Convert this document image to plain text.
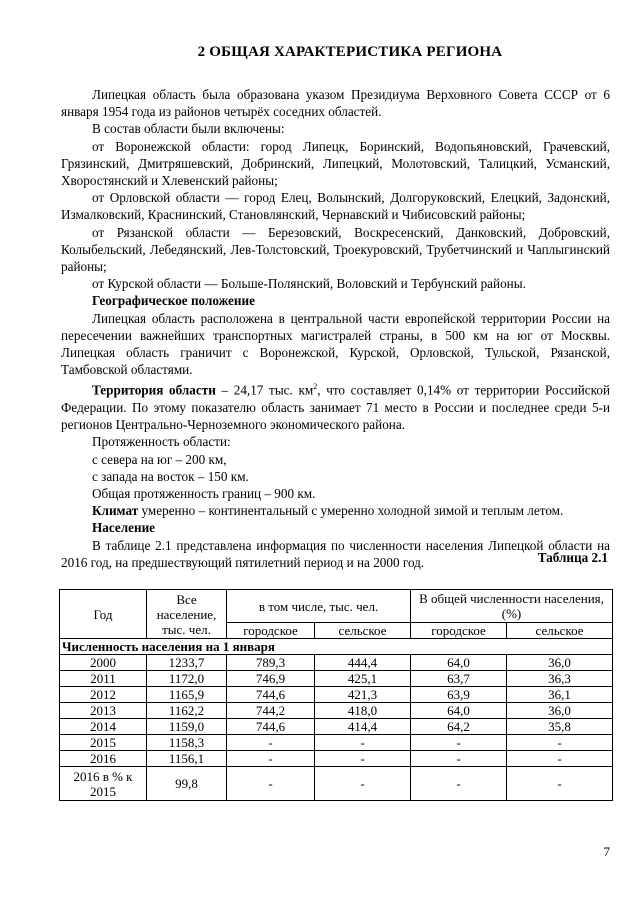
2 ОБЩАЯ ХАРАКТЕРИСТИКА РЕГИОНА

Липецкая область была образована указом Президиума Верховного Совета СССР от 6 января 1954 года из районов четырёх соседних областей.

В состав области были включены:

от Воронежской области: город Липецк, Боринский, Водопьяновский, Грачевский, Грязинский, Дмитряшевский, Добринский, Липецкий, Молотовский, Талицкий, Усманский, Хворостянский и Хлевенский районы;

от Орловской области — город Елец, Волынский, Долгоруковский, Елецкий, Задонский, Измалковский, Краснинский, Становлянский, Чернавский и Чибисовский районы;

от Рязанской области — Березовский, Воскресенский, Данковский, Добровский, Колыбельский, Лебедянский, Лев-Толстовский, Троекуровский, Трубетчинский и Чаплыгинский районы;

от Курской области — Больше-Полянский, Воловский и Тербунский районы.

Географическое положение

Липецкая область расположена в центральной части европейской территории России на пересечении важнейших транспортных магистралей страны, в 500 км на юг от Москвы. Липецкая область граничит с Воронежской, Курской, Орловской, Тульской, Рязанской, Тамбовской областями.

Территория области – 24,17 тыс. $км^2$, что составляет 0,14% от территории Российской Федерации. По этому показателю область занимает 71 место в России и последнее среди 5-и регионов Центрально-Черноземного экономического района.

Протяженность области:

с севера на юг – 200 км,

с запада на восток – 150 км.

Общая протяженность границ – 900 км.

Климат умеренно – континентальный с умеренно холодной зимой и теплым летом.

Население

В таблице 2.1 представлена информация по численности населения Липецкой области на 2016 год, на предшествующий пятилетний период и на 2000 год.	Таблица 2.1
Год	Все население, тыс. чел.	в том числе, тыс. чел.		В общей численности населения, (%)	
		городское	сельское	городское	сельское
Численность населения на 1 января					
2000	1233,7	789,3	444,4	64,0	36,0
2011	1172,0	746,9	425,1	63,7	36,3
2012	1165,9	744,6	421,3	63,9	36,1
2013	1162,2	744,2	418,0	64,0	36,0
2014	1159,0	744,6	414,4	64,2	35,8
2015	1158,3	-	-	-	-
2016	1156,1	-	-	-	-
2016 в % к 2015	99,8	-	-	-	-
7
